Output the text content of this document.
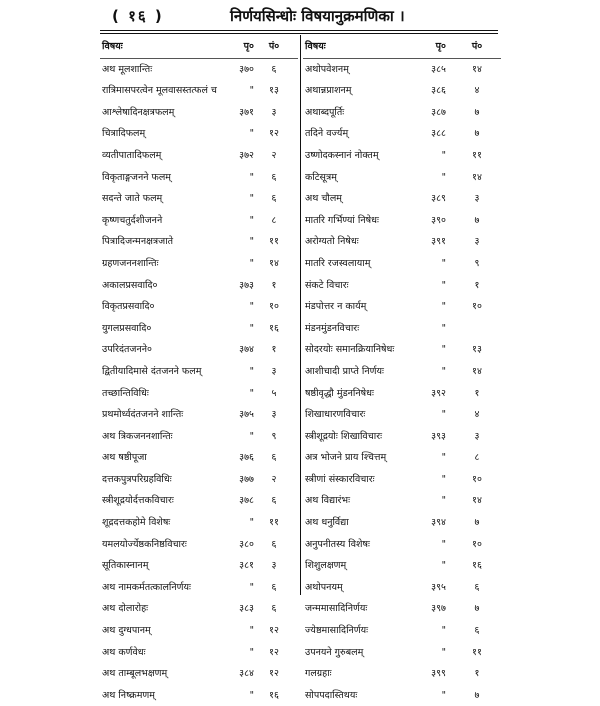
( १६ )	निर्णयसिन्धोः विषयानुक्रमणिका ।
विषयः	पृ०	पं०
अथ मूलशान्तिः	३७०	६
रात्रिमासपरत्वेन मूलवासस्तत्फलं च	"	१३
आश्लेषादिनक्षत्रफलम्	३७१	३
चित्रादिफलम्	"	१२
व्यतीपातादिफलम्	३७२	२
विकृताङ्गजनने फलम्	"	६
सदन्ते जाते फलम्	"	६
कृष्णचतुर्दशीजनने	"	८
पित्रादिजन्मनक्षत्रजाते	"	११
ग्रहणजननशान्तिः	"	१४
अकालप्रसवादि०	३७३	१
विकृतप्रसवादि०	"	१०
युगलप्रसवादि०	"	१६
उपरिदंतजनने०	३७४	१
द्वितीयादिमासे दंतजनने फलम्	"	३
तच्छान्तिविधिः	"	५
प्रथमोर्ध्वदंतजनने शान्तिः	३७५	३
अथ त्रिकजननशान्तिः	"	९
अथ षष्ठीपूजा	३७६	६
दत्तकपुत्रपरिग्रहविधिः	३७७	२
स्त्रीशूद्रयोर्दत्तकविचारः	३७८	६
शूद्रदत्तकहोमे विशेषः	"	११
यमलयोर्ज्येष्ठकनिष्ठविचारः	३८०	६
सूतिकास्नानम्	३८१	३
अथ नामकर्मतत्कालनिर्णयः	"	६
अथ दोलारोहः	३८३	६
अथ दुग्धपानम्	"	१२
अथ कर्णवेधः	"	१२
अथ ताम्बूलभक्षणम्	३८४	१२
अथ निष्क्रमणम्	"	१६
विषयः	पृ०	पं०
अथोपवेशनम्	३८५	१४
अथान्नप्राशनम्	३८६	४
अथाब्दपूर्तिः	३८७	७
तदिने वर्ज्यम्	३८८	७
उष्णोदकस्नानं नोक्तम्	"	११
कटिसूत्रम्	"	१४
अथ चौलम्	३८९	३
मातरि गर्भिण्यां निषेधः	३९०	७
अरोग्यतो निषेधः	३९१	३
मातरि रजस्वलायाम्	"	९
संकटे विचारः	"	१
मंडपोत्तर न कार्यम्	"	१०
मंडनमुंडनविचारः	"
सोदरयोः समानक्रियानिषेधः	"	१३
आशीचादी प्राप्ते निर्णयः	"	१४
षष्ठीवृद्धौ मुंडननिषेधः	३९२	१
शिखाधारणविचारः	"	४
स्त्रीशूद्रयोः शिखाविचारः	३९३	३
अत्र भोजने प्राय श्चित्तम्	"	८
स्त्रीणां संस्कारविचारः	"	१०
अथ विद्यारंभः	"	१४
अथ धनुर्विद्या	३९४	७
अनुपनीतस्य विशेषः	"	१०
शिशुलक्षणम्	"	१६
अथोपनयम्	३९५	६
जन्ममासादिनिर्णयः	३९७	७
ज्येष्ठमासादिनिर्णयः	"	६
उपनयने गुरुबलम्	"	११
गलग्रहाः	३९९	१
सोपपदास्तिथयः	"	७
